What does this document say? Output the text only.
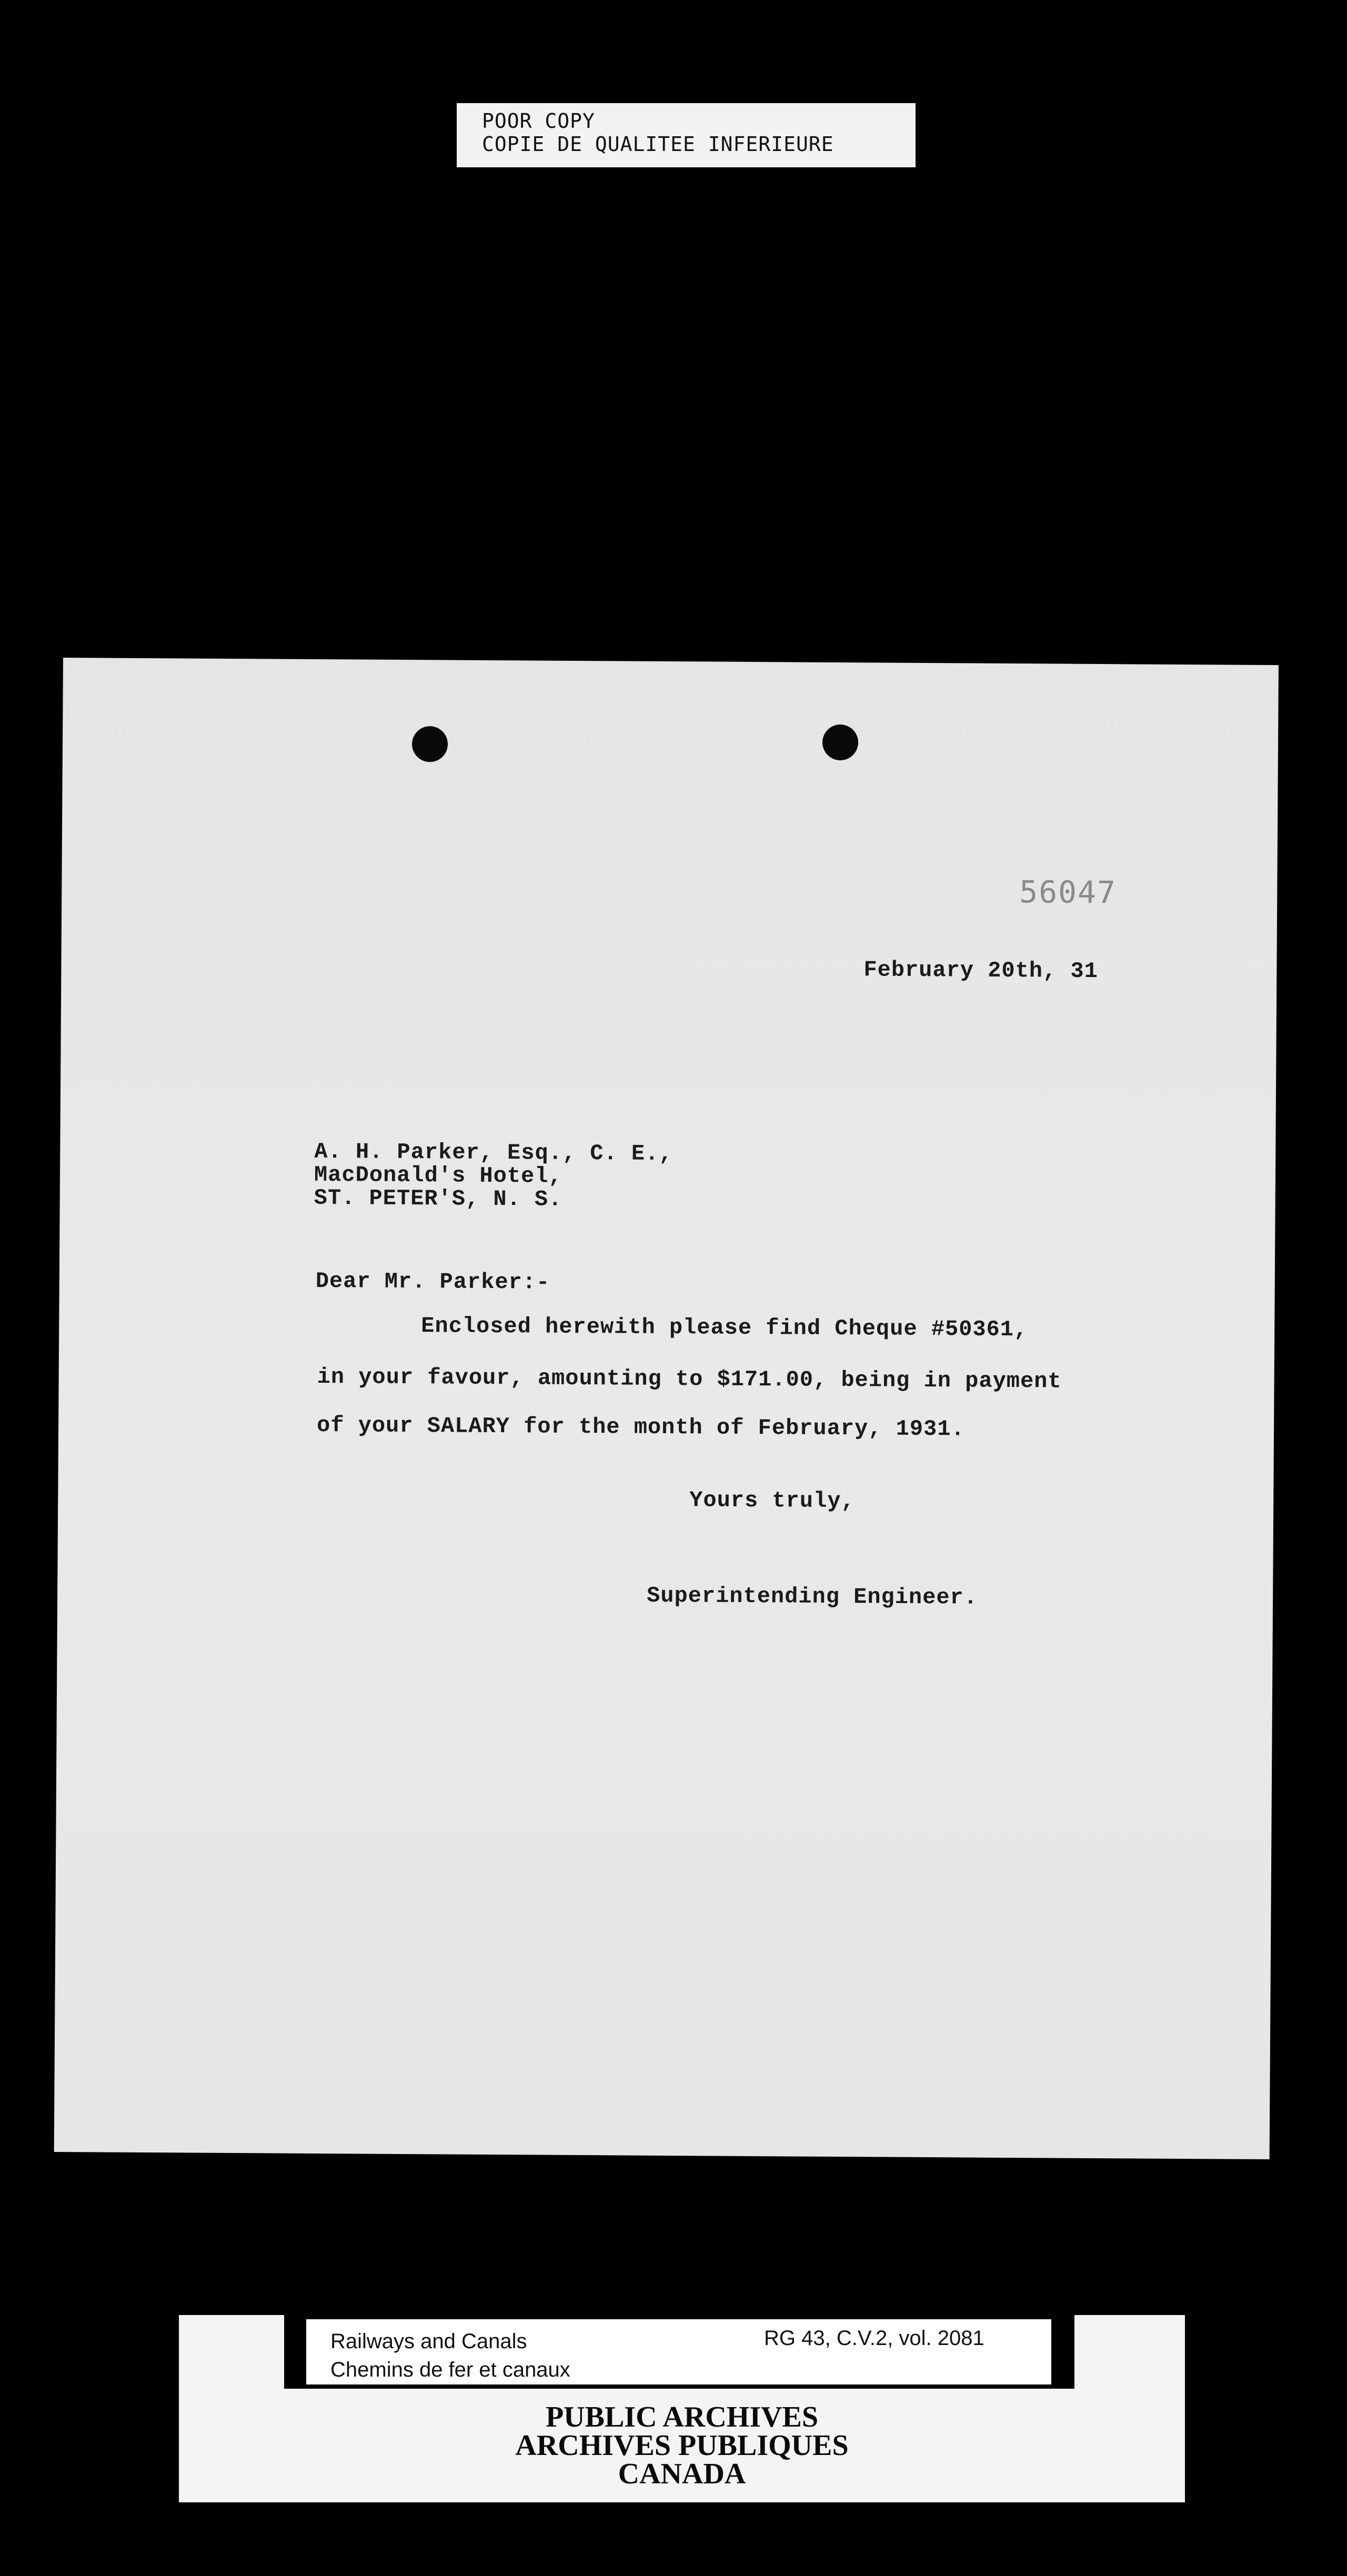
POOR COPY
COPIE DE QUALITEE INFERIEURE
56047
February 20th, 31
A. H. Parker, Esq., C. E.,
MacDonald's Hotel,
ST. PETER'S, N. S.
Dear Mr. Parker:-
Enclosed herewith please find Cheque #50361,
in your favour, amounting to $171.00, being in payment
of your SALARY for the month of February, 1931.
Yours truly,
Superintending Engineer.
Railways and Canals
Chemins de fer et canaux
RG 43, C.V.2, vol. 2081
PUBLIC ARCHIVES
ARCHIVES PUBLIQUES
CANADA
